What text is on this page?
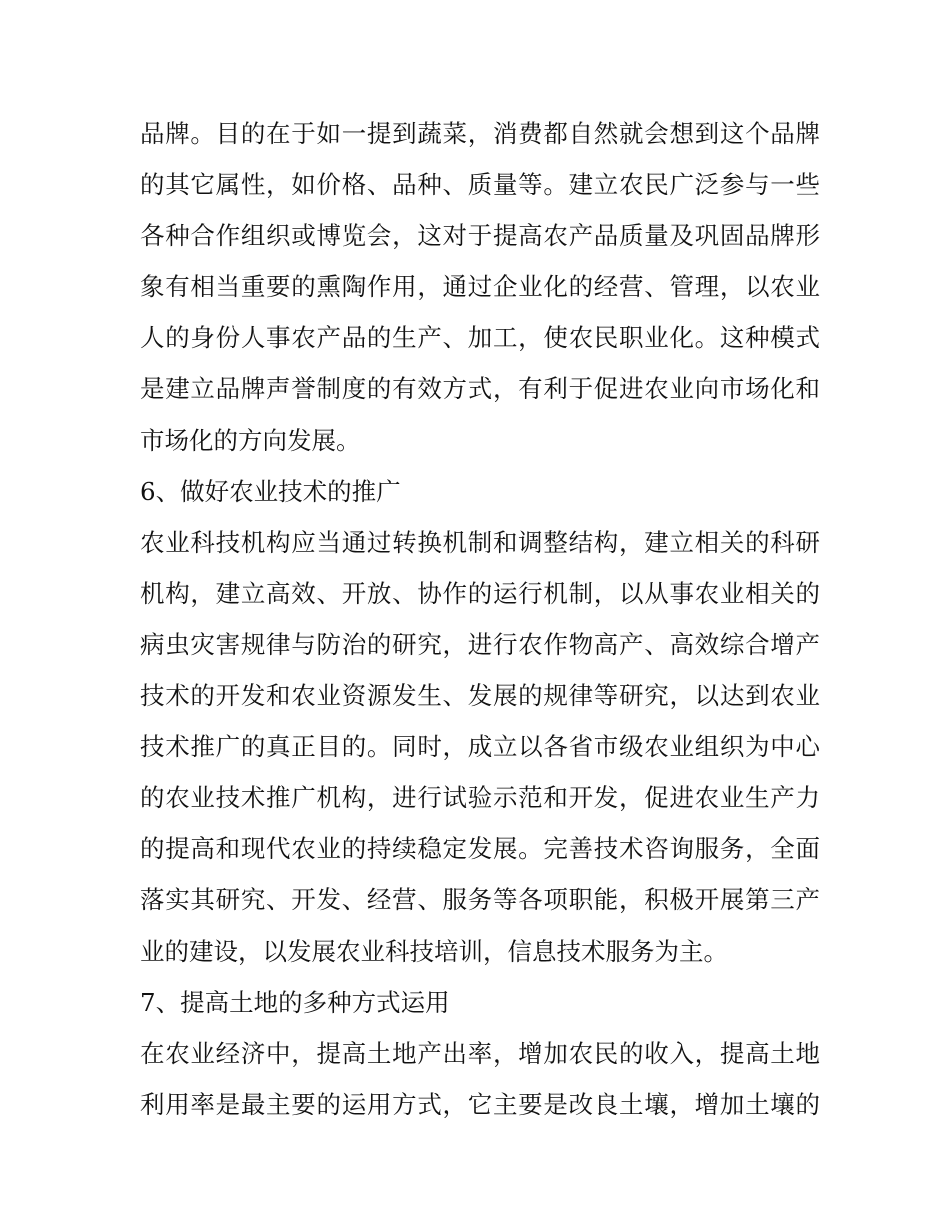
品牌。目的在于如一提到蔬菜，消费都自然就会想到这个品牌
的其它属性，如价格、品种、质量等。建立农民广泛参与一些
各种合作组织或博览会，这对于提高农产品质量及巩固品牌形
象有相当重要的熏陶作用，通过企业化的经营、管理，以农业
人的身份人事农产品的生产、加工，使农民职业化。这种模式
是建立品牌声誉制度的有效方式，有利于促进农业向市场化和
市场化的方向发展。
6、做好农业技术的推广
农业科技机构应当通过转换机制和调整结构，建立相关的科研
机构，建立高效、开放、协作的运行机制，以从事农业相关的
病虫灾害规律与防治的研究，进行农作物高产、高效综合增产
技术的开发和农业资源发生、发展的规律等研究，以达到农业
技术推广的真正目的。同时，成立以各省市级农业组织为中心
的农业技术推广机构，进行试验示范和开发，促进农业生产力
的提高和现代农业的持续稳定发展。完善技术咨询服务，全面
落实其研究、开发、经营、服务等各项职能，积极开展第三产
业的建设，以发展农业科技培训，信息技术服务为主。
7、提高土地的多种方式运用
在农业经济中，提高土地产出率，增加农民的收入，提高土地
利用率是最主要的运用方式，它主要是改良土壤，增加土壤的
